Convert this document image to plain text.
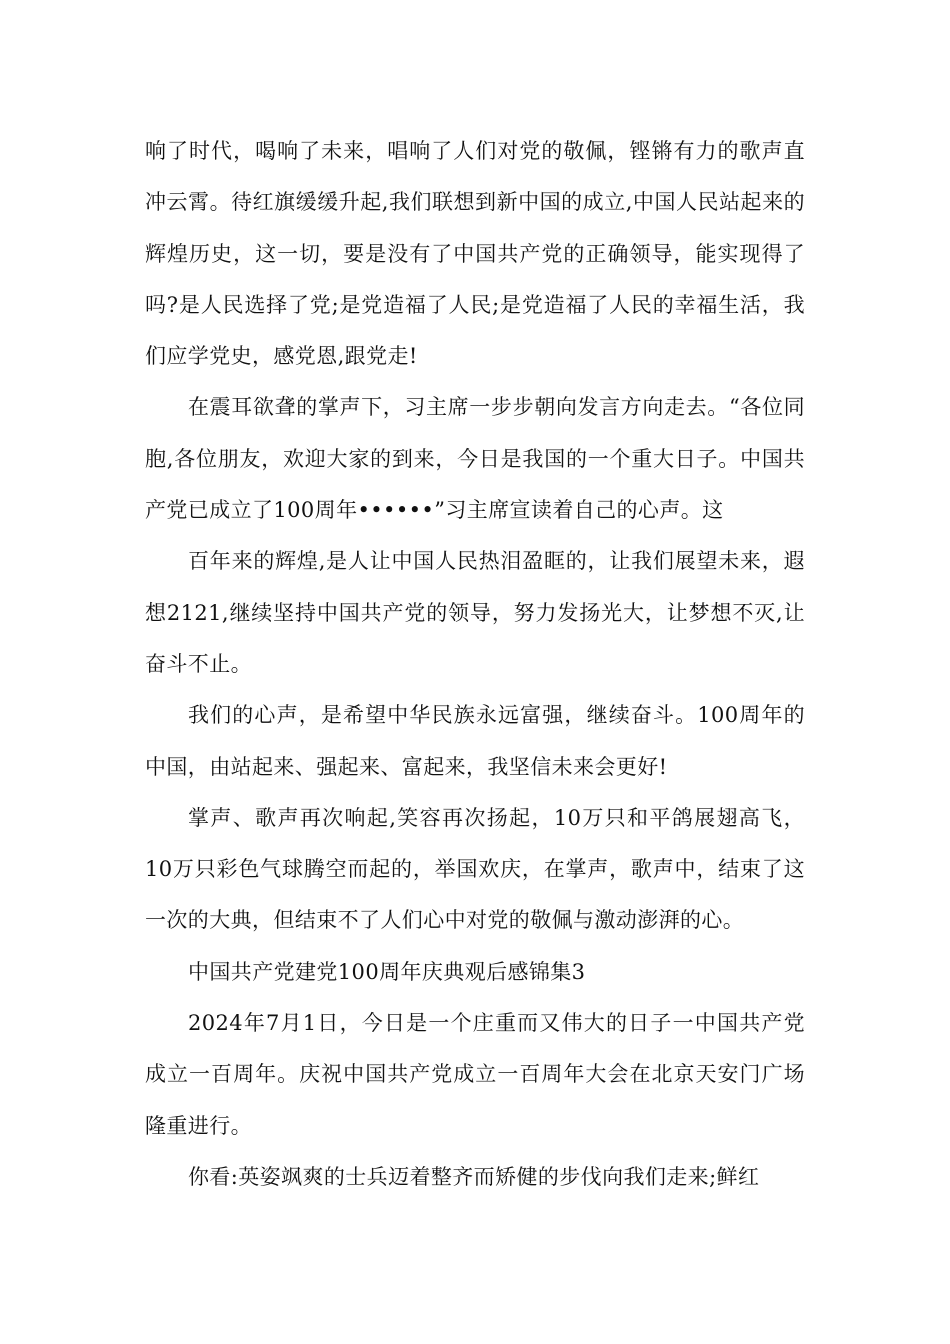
响了时代，喝响了未来，唱响了人们对党的敬佩，铿锵有力的歌声直冲云霄。待红旗缓缓升起,我们联想到新中国的成立,中国人民站起来的辉煌历史，这一切，要是没有了中国共产党的正确领导，能实现得了吗?是人民选择了党;是党造福了人民;是党造福了人民的幸福生活，我们应学党史，感党恩,跟党走!

在震耳欲聋的掌声下，习主席一步步朝向发言方向走去。“各位同胞,各位朋友，欢迎大家的到来，今日是我国的一个重大日子。中国共产党已成立了100周年••••••”习主席宣读着自己的心声。这

百年来的辉煌,是人让中国人民热泪盈眶的，让我们展望未来，遐想2121,继续坚持中国共产党的领导，努力发扬光大，让梦想不灭,让奋斗不止。

我们的心声，是希望中华民族永远富强，继续奋斗。100周年的中国，由站起来、强起来、富起来，我坚信未来会更好!

掌声、歌声再次响起,笑容再次扬起，10万只和平鸽展翅高飞，10万只彩色气球腾空而起的，举国欢庆，在掌声，歌声中，结束了这一次的大典，但结束不了人们心中对党的敬佩与激动澎湃的心。

中国共产党建党100周年庆典观后感锦集3

2024年7月1日，今日是一个庄重而又伟大的日子一中国共产党成立一百周年。庆祝中国共产党成立一百周年大会在北京天安门广场隆重进行。

你看:英姿飒爽的士兵迈着整齐而矫健的步伐向我们走来;鲜红
